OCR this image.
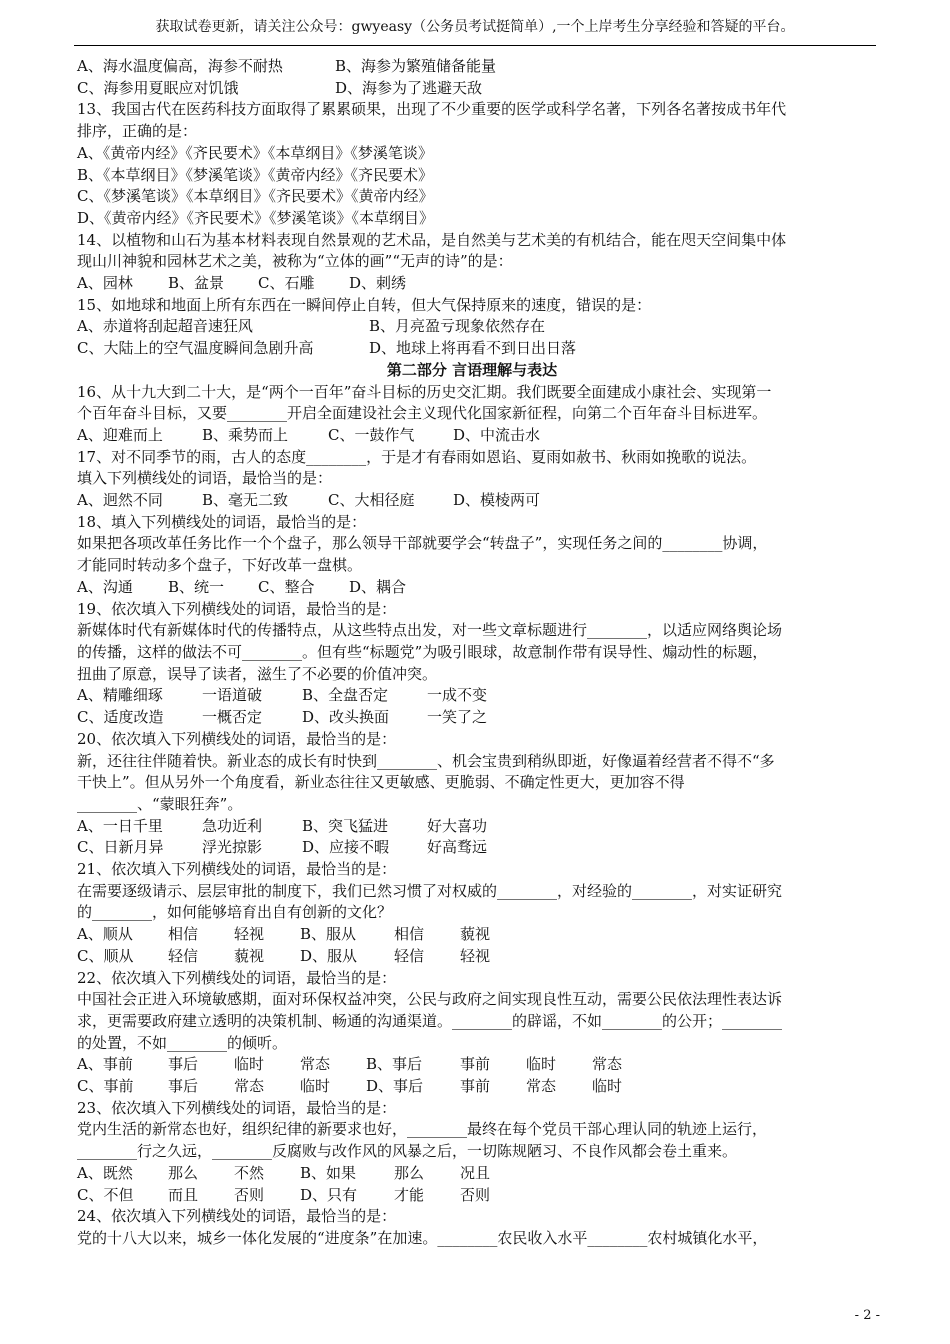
获取试卷更新，请关注公众号：gwyeasy（公务员考试挺简单）,一个上岸考生分享经验和答疑的平台。
A、海水温度偏高，海参不耐热	B、海参为繁殖储备能量
C、海参用夏眠应对饥饿	D、海参为了逃避天敌
13、我国古代在医药科技方面取得了累累硕果，出现了不少重要的医学或科学名著，下列各名著按成书年代
排序，正确的是：
A、《黄帝内经》《齐民要术》《本草纲目》《梦溪笔谈》
B、《本草纲目》《梦溪笔谈》《黄帝内经》《齐民要术》
C、《梦溪笔谈》《本草纲目》《齐民要术》《黄帝内经》
D、《黄帝内经》《齐民要术》《梦溪笔谈》《本草纲目》
14、以植物和山石为基本材料表现自然景观的艺术品，是自然美与艺术美的有机结合，能在咫天空间集中体
现山川神貌和园林艺术之美，被称为“立体的画”“无声的诗”的是：
A、园林	B、盆景	C、石雕	D、刺绣
15、如地球和地面上所有东西在一瞬间停止自转，但大气保持原来的速度，错误的是：
A、赤道将刮起超音速狂风	B、月亮盈亏现象依然存在
C、大陆上的空气温度瞬间急剧升高	D、地球上将再看不到日出日落
第二部分 言语理解与表达
16、从十九大到二十大，是“两个一百年”奋斗目标的历史交汇期。我们既要全面建成小康社会、实现第一
个百年奋斗目标，又要________开启全面建设社会主义现代化国家新征程，向第二个百年奋斗目标进军。
A、迎难而上	B、乘势而上	C、一鼓作气	D、中流击水
17、对不同季节的雨，古人的态度________，于是才有春雨如恩谄、夏雨如赦书、秋雨如挽歌的说法。
填入下列横线处的词语，最恰当的是：
A、迥然不同	B、毫无二致	C、大相径庭	D、模棱两可
18、填入下列横线处的词语，最恰当的是：
如果把各项改革任务比作一个个盘子，那么领导干部就要学会“转盘子”，实现任务之间的________协调，
才能同时转动多个盘子，下好改革一盘棋。
A、沟通	B、统一	C、整合	D、耦合
19、依次填入下列横线处的词语，最恰当的是：
新媒体时代有新媒体时代的传播特点，从这些特点出发，对一些文章标题进行________，以适应网络舆论场
的传播，这样的做法不可________。但有些“标题党”为吸引眼球，故意制作带有误导性、煽动性的标题，
扭曲了原意，误导了读者，滋生了不必要的价值冲突。
A、精雕细琢	一语道破	B、全盘否定	一成不变
C、适度改造	一概否定	D、改头换面	一笑了之
20、依次填入下列横线处的词语，最恰当的是：
新，还往往伴随着快。新业态的成长有时快到________、机会宝贵到稍纵即逝，好像逼着经营者不得不“多
干快上”。但从另外一个角度看，新业态往往又更敏感、更脆弱、不确定性更大，更加容不得
________、“蒙眼狂奔”。
A、一日千里	急功近利	B、突飞猛进	好大喜功
C、日新月异	浮光掠影	D、应接不暇	好高骛远
21、依次填入下列横线处的词语，最恰当的是：
在需要逐级请示、层层审批的制度下，我们已然习惯了对权威的________，对经验的________，对实证研究
的________，如何能够培育出自有创新的文化？
A、顺从	相信	轻视	B、服从	相信	藐视
C、顺从	轻信	藐视	D、服从	轻信	轻视
22、依次填入下列横线处的词语，最恰当的是：
中国社会正进入环境敏感期，面对环保权益冲突，公民与政府之间实现良性互动，需要公民依法理性表达诉
求，更需要政府建立透明的决策机制、畅通的沟通渠道。________的辟谣，不如________的公开；________
的处置，不如________的倾听。
A、事前	事后	临时	常态	B、事后	事前	临时	常态
C、事前	事后	常态	临时	D、事后	事前	常态	临时
23、依次填入下列横线处的词语，最恰当的是：
党内生活的新常态也好，组织纪律的新要求也好，________最终在每个党员干部心理认同的轨迹上运行，
________行之久远，________反腐败与改作风的风暴之后，一切陈规陋习、不良作风都会卷土重来。
A、既然	那么	不然	B、如果	那么	况且
C、不但	而且	否则	D、只有	才能	否则
24、依次填入下列横线处的词语，最恰当的是：
党的十八大以来，城乡一体化发展的“进度条”在加速。________农民收入水平________农村城镇化水平，
- 2 -
